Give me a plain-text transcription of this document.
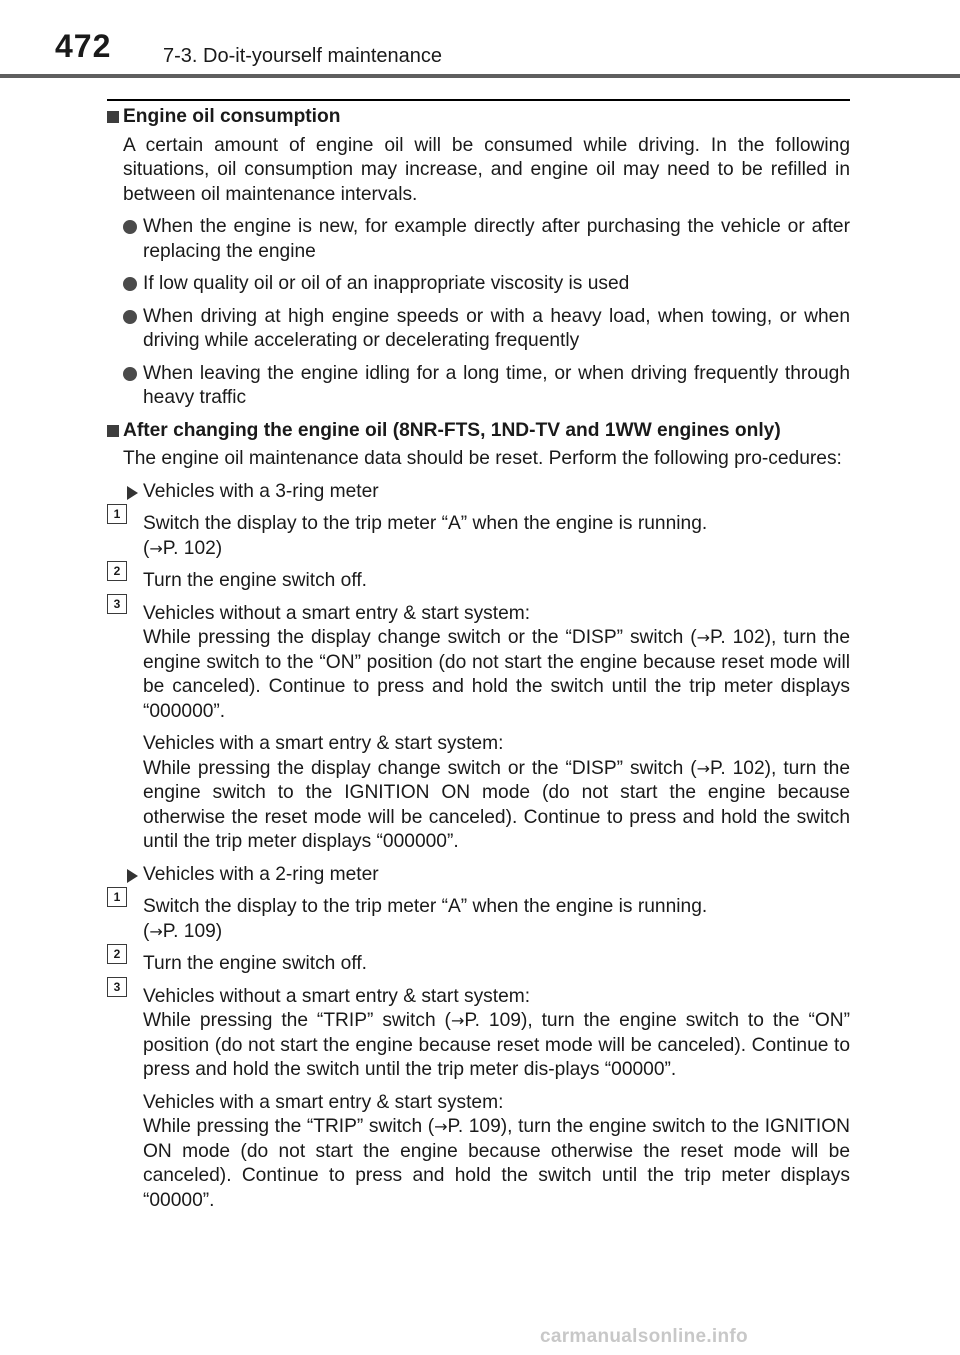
472	7-3. Do-it-yourself maintenance
Engine oil consumption
A certain amount of engine oil will be consumed while driving. In the following situations, oil consumption may increase, and engine oil may need to be refilled in between oil maintenance intervals.
When the engine is new, for example directly after purchasing the vehicle or after replacing the engine
If low quality oil or oil of an inappropriate viscosity is used
When driving at high engine speeds or with a heavy load, when towing, or when driving while accelerating or decelerating frequently
When leaving the engine idling for a long time, or when driving frequently through heavy traffic
After changing the engine oil (8NR-FTS, 1ND-TV and 1WW engines only)
The engine oil maintenance data should be reset. Perform the following pro-cedures:
Vehicles with a 3-ring meter
1	Switch the display to the trip meter “A” when the engine is running.
(→P. 102)
2	Turn the engine switch off.
3	Vehicles without a smart entry & start system:
While pressing the display change switch or the “DISP” switch (→P. 102), turn the engine switch to the “ON” position (do not start the engine because reset mode will be canceled). Continue to press and hold the switch until the trip meter displays “000000”.
Vehicles with a smart entry & start system:
While pressing the display change switch or the “DISP” switch (→P. 102), turn the engine switch to the IGNITION ON mode (do not start the engine because otherwise the reset mode will be canceled). Continue to press and hold the switch until the trip meter displays “000000”.
Vehicles with a 2-ring meter
1	Switch the display to the trip meter “A” when the engine is running.
(→P. 109)
2	Turn the engine switch off.
3	Vehicles without a smart entry & start system:
While pressing the “TRIP” switch (→P. 109), turn the engine switch to the “ON” position (do not start the engine because reset mode will be canceled). Continue to press and hold the switch until the trip meter dis-plays “00000”.
Vehicles with a smart entry & start system:
While pressing the “TRIP” switch (→P. 109), turn the engine switch to the IGNITION ON mode (do not start the engine because otherwise the reset mode will be canceled). Continue to press and hold the switch until the trip meter displays “00000”.
carmanualsonline.info
